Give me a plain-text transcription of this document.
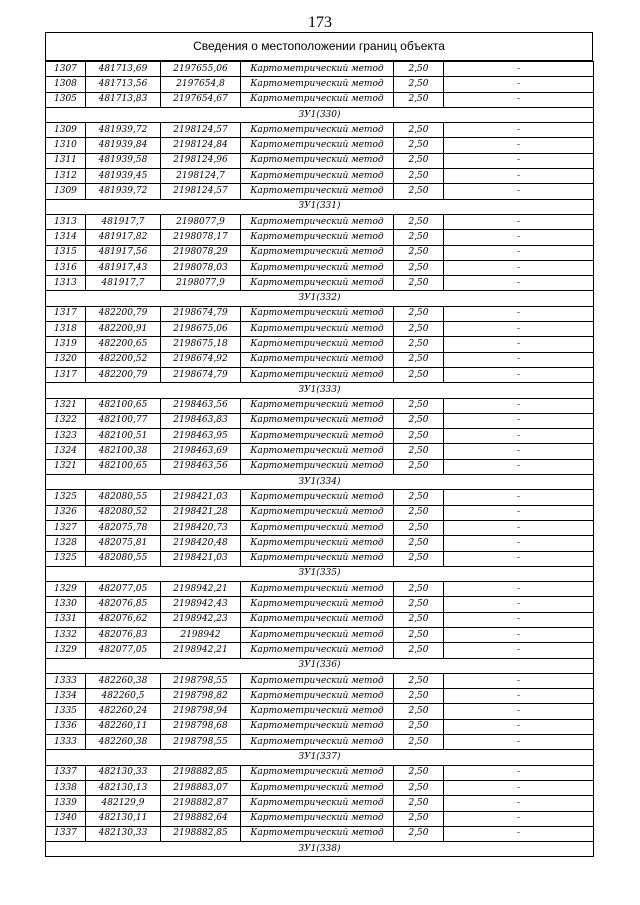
173
Сведения о местоположении границ объекта
1307	481713,69	2197655,06	Картометрический метод	2,50	-
1308	481713,56	2197654,8	Картометрический метод	2,50	-
1305	481713,83	2197654,67	Картометрический метод	2,50	-
ЗУ1(330)					
1309	481939,72	2198124,57	Картометрический метод	2,50	-
1310	481939,84	2198124,84	Картометрический метод	2,50	-
1311	481939,58	2198124,96	Картометрический метод	2,50	-
1312	481939,45	2198124,7	Картометрический метод	2,50	-
1309	481939,72	2198124,57	Картометрический метод	2,50	-
ЗУ1(331)					
1313	481917,7	2198077,9	Картометрический метод	2,50	-
1314	481917,82	2198078,17	Картометрический метод	2,50	-
1315	481917,56	2198078,29	Картометрический метод	2,50	-
1316	481917,43	2198078,03	Картометрический метод	2,50	-
1313	481917,7	2198077,9	Картометрический метод	2,50	-
ЗУ1(332)					
1317	482200,79	2198674,79	Картометрический метод	2,50	-
1318	482200,91	2198675,06	Картометрический метод	2,50	-
1319	482200,65	2198675,18	Картометрический метод	2,50	-
1320	482200,52	2198674,92	Картометрический метод	2,50	-
1317	482200,79	2198674,79	Картометрический метод	2,50	-
ЗУ1(333)					
1321	482100,65	2198463,56	Картометрический метод	2,50	-
1322	482100,77	2198463,83	Картометрический метод	2,50	-
1323	482100,51	2198463,95	Картометрический метод	2,50	-
1324	482100,38	2198463,69	Картометрический метод	2,50	-
1321	482100,65	2198463,56	Картометрический метод	2,50	-
ЗУ1(334)					
1325	482080,55	2198421,03	Картометрический метод	2,50	-
1326	482080,52	2198421,28	Картометрический метод	2,50	-
1327	482075,78	2198420,73	Картометрический метод	2,50	-
1328	482075,81	2198420,48	Картометрический метод	2,50	-
1325	482080,55	2198421,03	Картометрический метод	2,50	-
ЗУ1(335)					
1329	482077,05	2198942,21	Картометрический метод	2,50	-
1330	482076,85	2198942,43	Картометрический метод	2,50	-
1331	482076,62	2198942,23	Картометрический метод	2,50	-
1332	482076,83	2198942	Картометрический метод	2,50	-
1329	482077,05	2198942,21	Картометрический метод	2,50	-
ЗУ1(336)					
1333	482260,38	2198798,55	Картометрический метод	2,50	-
1334	482260,5	2198798,82	Картометрический метод	2,50	-
1335	482260,24	2198798,94	Картометрический метод	2,50	-
1336	482260,11	2198798,68	Картометрический метод	2,50	-
1333	482260,38	2198798,55	Картометрический метод	2,50	-
ЗУ1(337)					
1337	482130,33	2198882,85	Картометрический метод	2,50	-
1338	482130,13	2198883,07	Картометрический метод	2,50	-
1339	482129,9	2198882,87	Картометрический метод	2,50	-
1340	482130,11	2198882,64	Картометрический метод	2,50	-
1337	482130,33	2198882,85	Картометрический метод	2,50	-
ЗУ1(338)					
